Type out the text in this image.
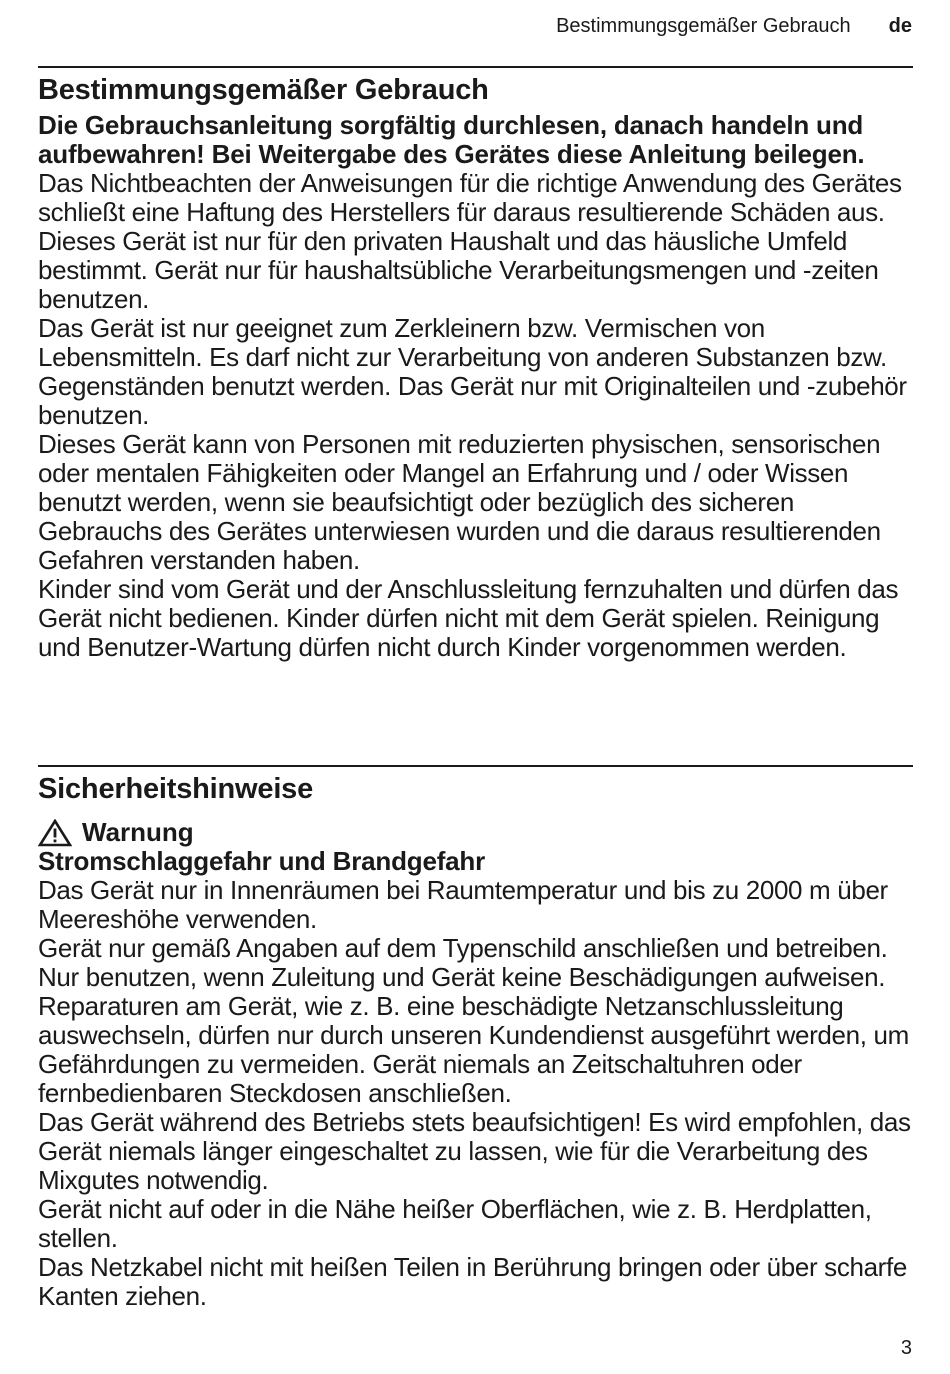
Bestimmungsgemäßer Gebrauch de
Bestimmungsgemäßer Gebrauch

Die Gebrauchsanleitung sorgfältig durchlesen, danach handeln und aufbewahren! Bei Weitergabe des Gerätes diese Anleitung beilegen.

Das Nichtbeachten der Anweisungen für die richtige Anwendung des Gerätes schließt eine Haftung des Herstellers für daraus resultierende Schäden aus.

Dieses Gerät ist nur für den privaten Haushalt und das häusliche Umfeld bestimmt. Gerät nur für haushaltsübliche Verarbeitungsmengen und -zeiten benutzen.

Das Gerät ist nur geeignet zum Zerkleinern bzw. Vermischen von Lebensmitteln. Es darf nicht zur Verarbeitung von anderen Substanzen bzw. Gegenständen benutzt werden. Das Gerät nur mit Originalteilen und -zubehör benutzen.

Dieses Gerät kann von Personen mit reduzierten physischen, sensorischen oder mentalen Fähigkeiten oder Mangel an Erfahrung und / oder Wissen benutzt werden, wenn sie beaufsichtigt oder bezüglich des sicheren Gebrauchs des Gerätes unterwiesen wurden und die daraus resultierenden Gefahren verstanden haben.

Kinder sind vom Gerät und der Anschlussleitung fernzuhalten und dürfen das Gerät nicht bedienen. Kinder dürfen nicht mit dem Gerät spielen. Reinigung und Benutzer-Wartung dürfen nicht durch Kinder vorgenommen werden.

Sicherheitshinweise
Warnung

Stromschlaggefahr und Brandgefahr

Das Gerät nur in Innenräumen bei Raumtemperatur und bis zu 2000 m über Meereshöhe verwenden.

Gerät nur gemäß Angaben auf dem Typenschild anschließen und betreiben. Nur benutzen, wenn Zuleitung und Gerät keine Beschädigungen aufweisen. Reparaturen am Gerät, wie z. B. eine beschädigte Netzanschlussleitung auswechseln, dürfen nur durch unseren Kundendienst ausgeführt werden, um Gefährdungen zu vermeiden. Gerät niemals an Zeitschaltuhren oder fernbedienbaren Steckdosen anschließen.

Das Gerät während des Betriebs stets beaufsichtigen! Es wird empfohlen, das Gerät niemals länger eingeschaltet zu lassen, wie für die Verarbeitung des Mixgutes notwendig.

Gerät nicht auf oder in die Nähe heißer Oberflächen, wie z. B. Herdplatten, stellen.

Das Netzkabel nicht mit heißen Teilen in Berührung bringen oder über scharfe Kanten ziehen.

3
